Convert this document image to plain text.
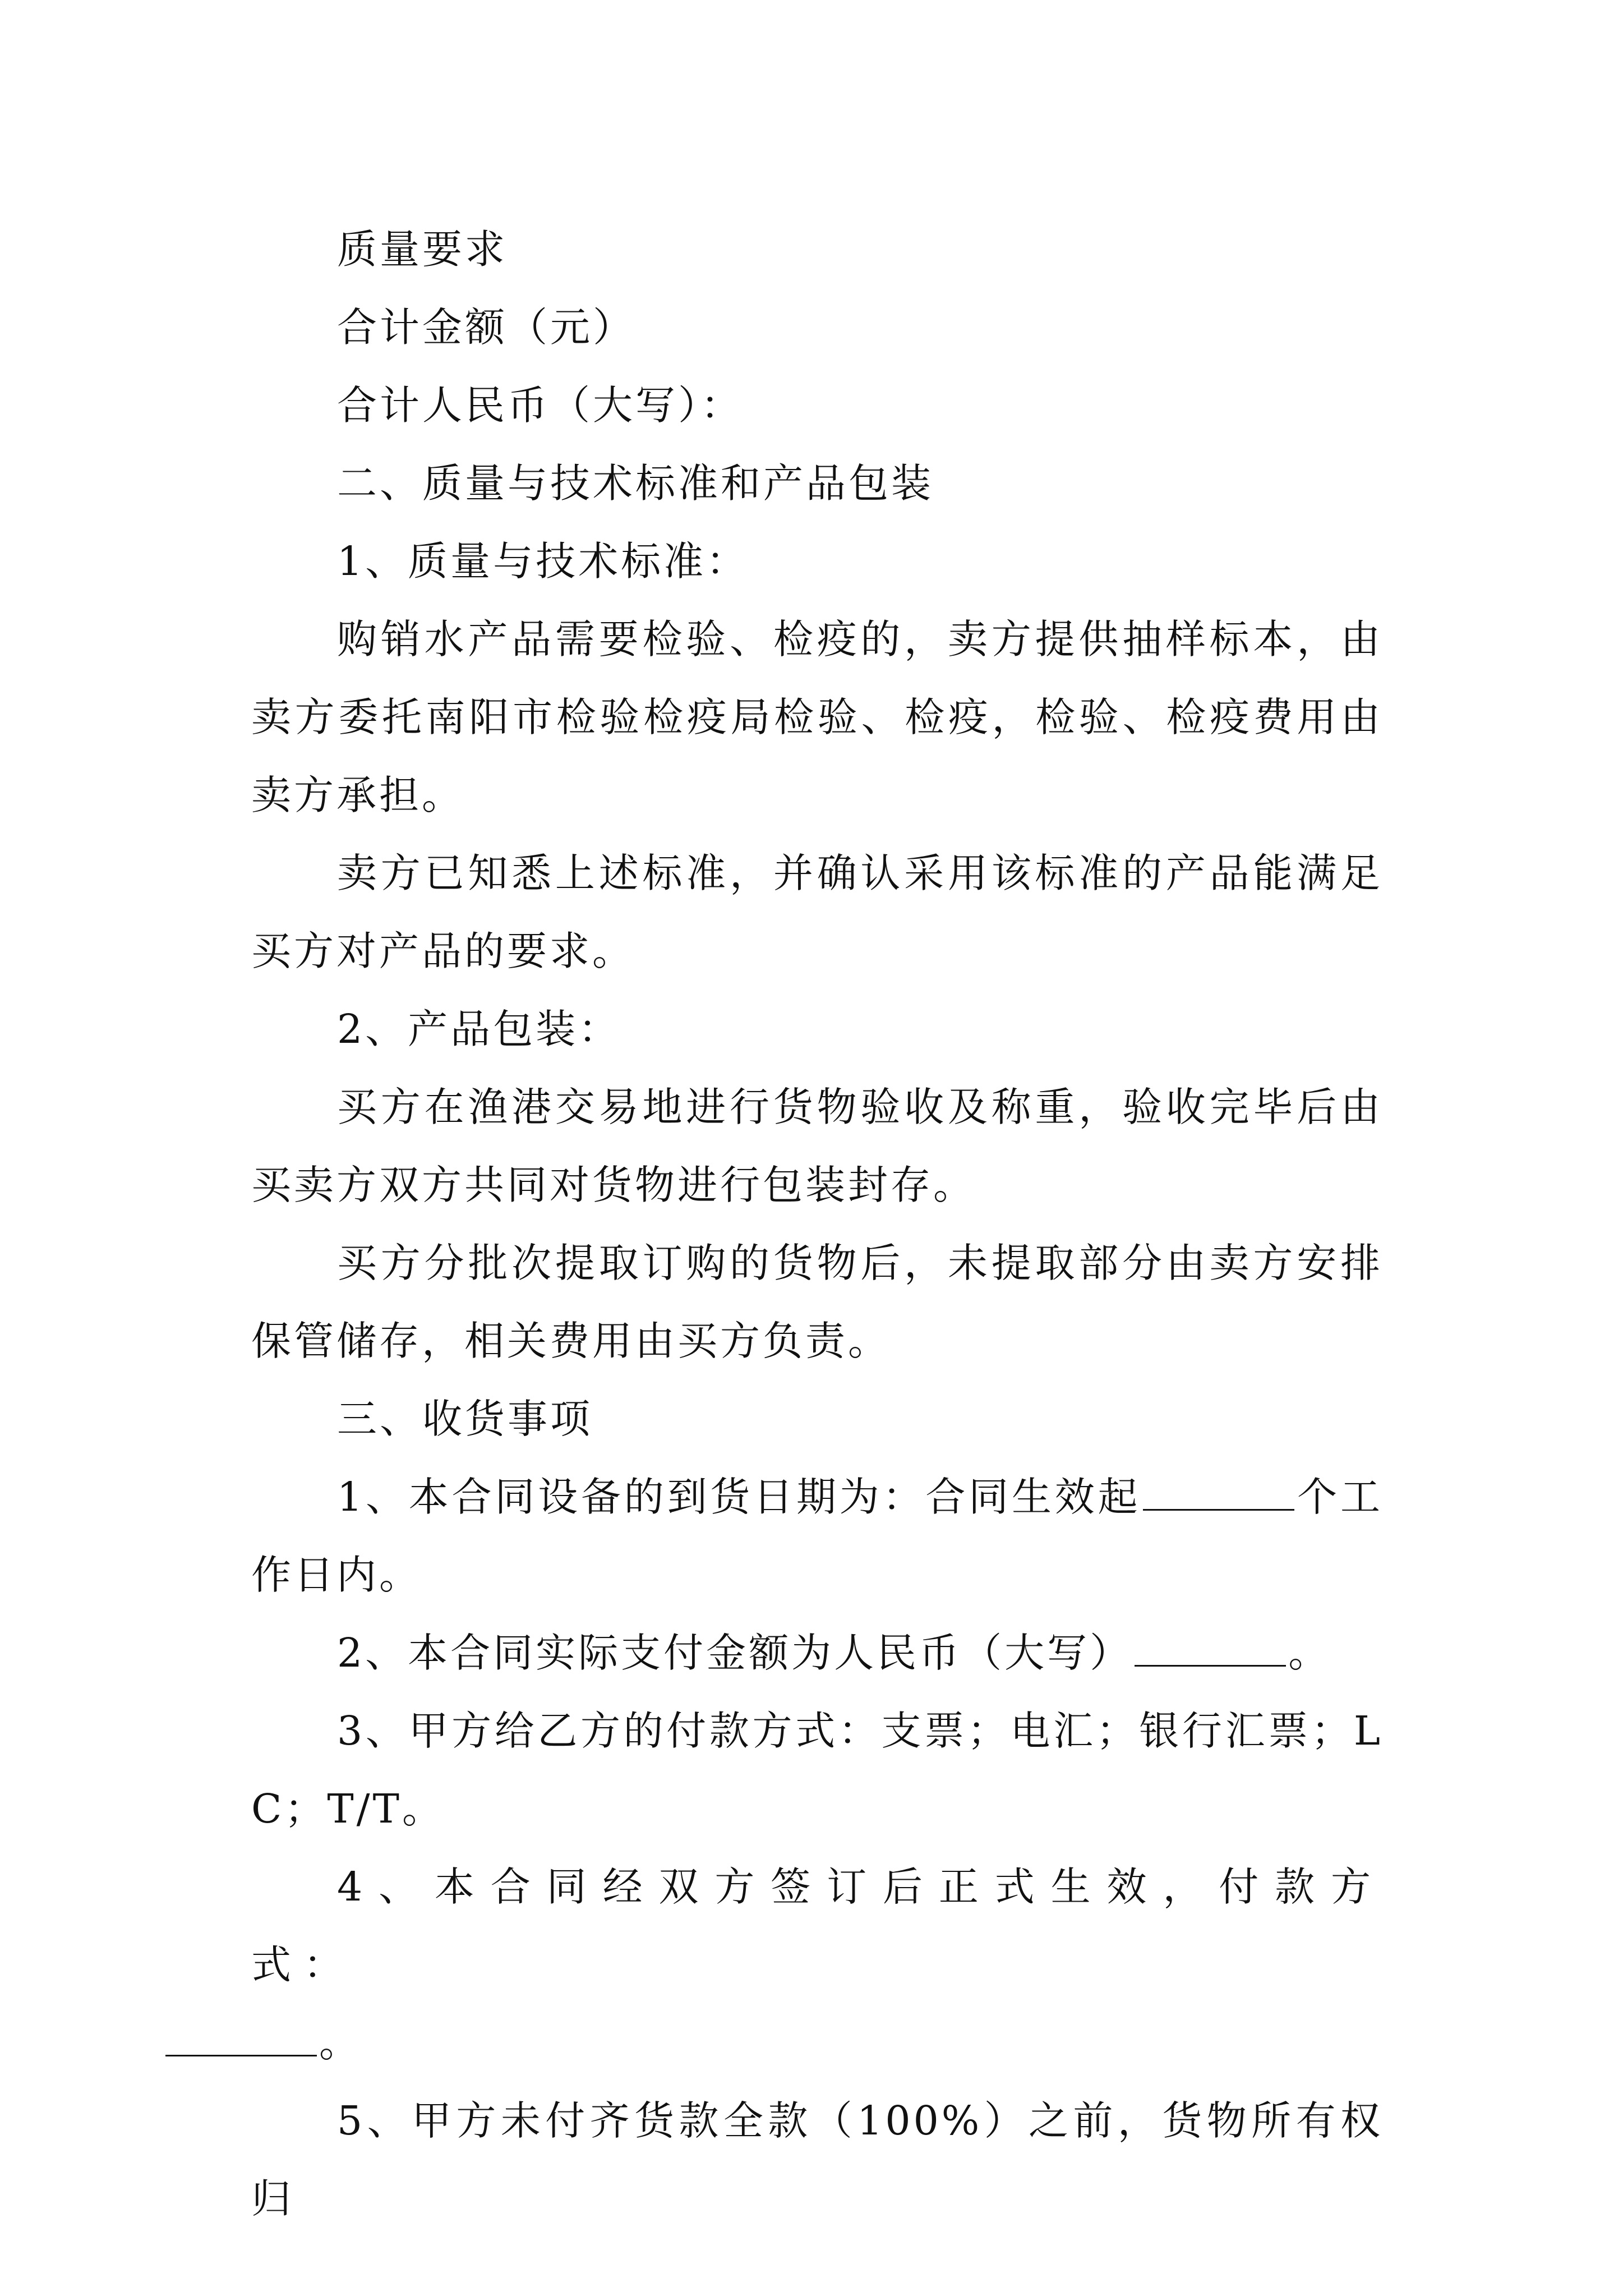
质量要求

合计金额（元）

合计人民币（大写）：

二、质量与技术标准和产品包装

1、质量与技术标准：

购销水产品需要检验、检疫的，卖方提供抽样标本，由卖方委托南阳市检验检疫局检验、检疫，检验、检疫费用由卖方承担。

卖方已知悉上述标准，并确认采用该标准的产品能满足买方对产品的要求。

2、产品包装：

买方在渔港交易地进行货物验收及称重，验收完毕后由买卖方双方共同对货物进行包装封存。

买方分批次提取订购的货物后，未提取部分由卖方安排保管储存，相关费用由买方负责。

三、收货事项

1、本合同设备的到货日期为：合同生效起	个工作日内。

2、本合同实际支付金额为人民币（大写）	。

3、甲方给乙方的付款方式：支票；电汇；银行汇票；LC；T/T。

4、本合同经双方签订后正式生效，付款方式：
。

5、甲方未付齐货款全款（100%）之前，货物所有权归
